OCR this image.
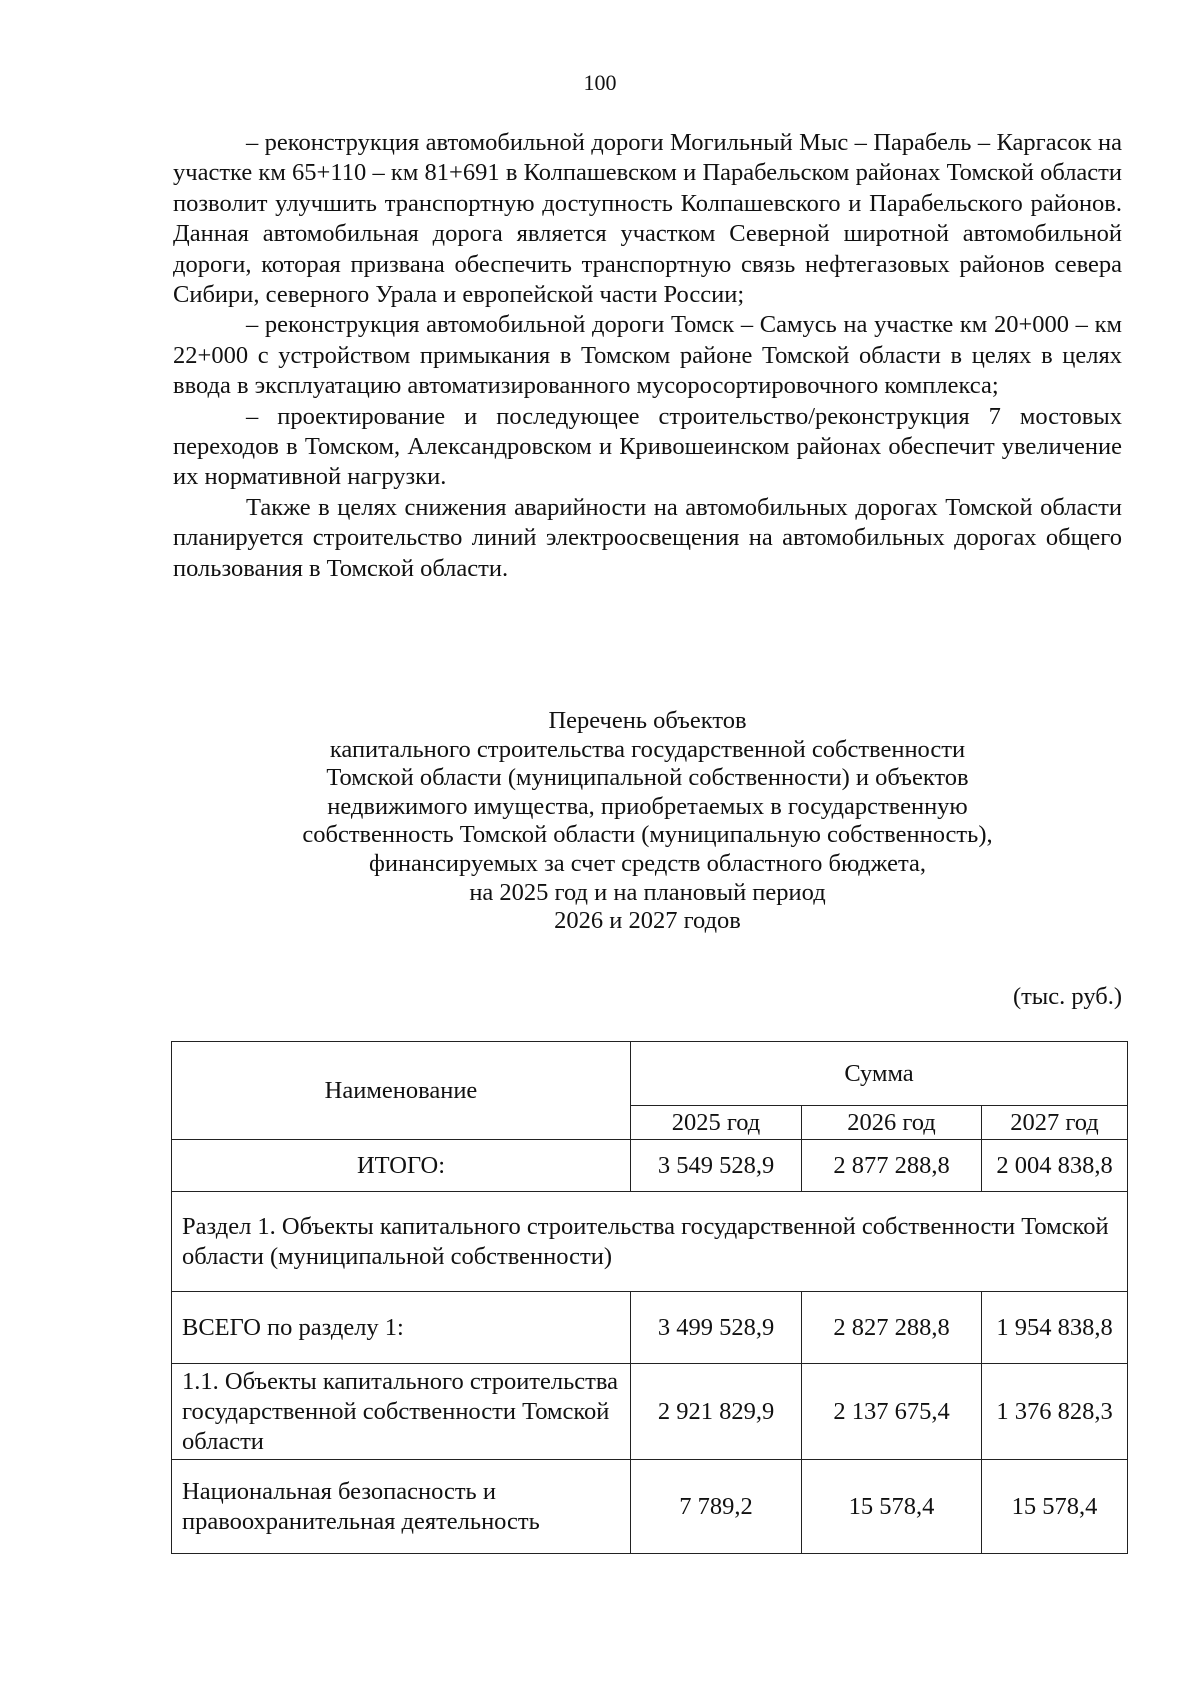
100

– реконструкция автомобильной дороги Могильный Мыс – Парабель – Каргасок на участке км 65+110 – км 81+691 в Колпашевском и Парабельском районах Томской области позволит улучшить транспортную доступность Колпашевского и Парабельского районов. Данная автомобильная дорога является участком Северной широтной автомобильной дороги, которая призвана обеспечить транспортную связь нефтегазовых районов севера Сибири, северного Урала и европейской части России;

– реконструкция автомобильной дороги Томск – Самусь на участке км 20+000 – км 22+000 с устройством примыкания в Томском районе Томской области в целях в целях ввода в эксплуатацию автоматизированного мусоросортировочного комплекса;

– проектирование и последующее строительство/реконструкция 7 мостовых переходов в Томском, Александровском и Кривошеинском районах обеспечит увеличение их нормативной нагрузки.

Также в целях снижения аварийности на автомобильных дорогах Томской области планируется строительство линий электроосвещения на автомобильных дорогах общего пользования в Томской области.

Перечень объектов
капитального строительства государственной собственности
Томской области (муниципальной собственности) и объектов
недвижимого имущества, приобретаемых в государственную
собственность Томской области (муниципальную собственность),
финансируемых за счет средств областного бюджета,
на 2025 год и на плановый период
2026 и 2027 годов
(тыс. руб.)
Наименование	Сумма		
	2025 год	2026 год	2027 год
ИТОГО:	3 549 528,9	2 877 288,8	2 004 838,8
Раздел 1. Объекты капитального строительства государственной собственности Томской области (муниципальной собственности)			
ВСЕГО по разделу 1:	3 499 528,9	2 827 288,8	1 954 838,8
1.1. Объекты капитального строительства государственной собственности Томской области	2 921 829,9	2 137 675,4	1 376 828,3
Национальная безопасность и правоохранительная деятельность	7 789,2	15 578,4	15 578,4
